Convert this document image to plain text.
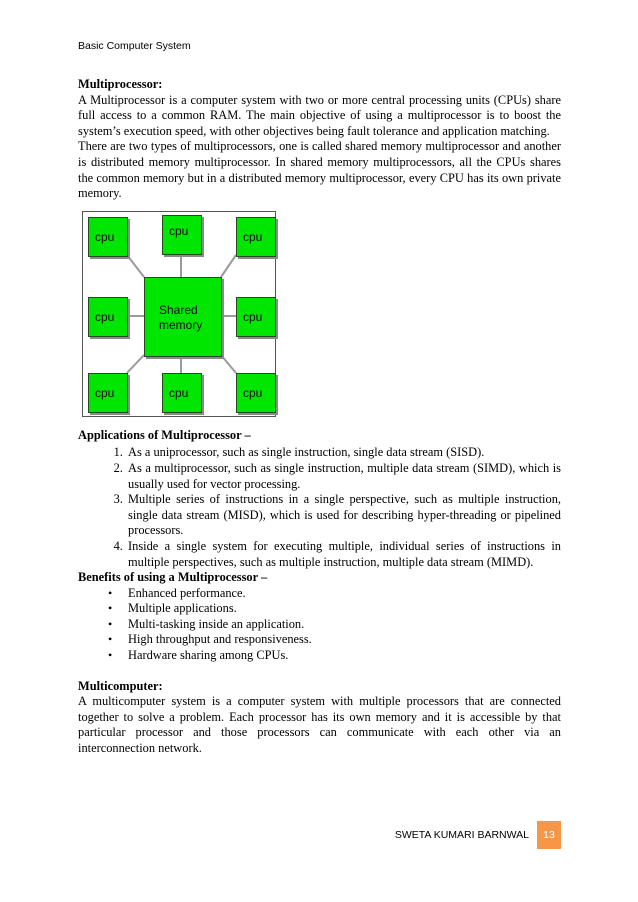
Basic Computer System

Multiprocessor:

A Multiprocessor is a computer system with two or more central processing units (CPUs) share full access to a common RAM. The main objective of using a multiprocessor is to boost the system’s execution speed, with other objectives being fault tolerance and application matching.

There are two types of multiprocessors, one is called shared memory multiprocessor and another is distributed memory multiprocessor. In shared memory multiprocessors, all the CPUs shares the common memory but in a distributed memory multiprocessor, every CPU has its own private memory.

cpu	cpu	cpu
cpu	Shared
memory
cpu
cpu	cpu	cpu

Applications of Multiprocessor –

1. As a uniprocessor, such as single instruction, single data stream (SISD).
2. As a multiprocessor, such as single instruction, multiple data stream (SIMD), which is usually used for vector processing.
3. Multiple series of instructions in a single perspective, such as multiple instruction, single data stream (MISD), which is used for describing hyper-threading or pipelined processors.
4. Inside a single system for executing multiple, individual series of instructions in multiple perspectives, such as multiple instruction, multiple data stream (MIMD).

Benefits of using a Multiprocessor –

• Enhanced performance.
• Multiple applications.
• Multi-tasking inside an application.
• High throughput and responsiveness.
• Hardware sharing among CPUs.

Multicomputer:

A multicomputer system is a computer system with multiple processors that are connected together to solve a problem. Each processor has its own memory and it is accessible by that particular processor and those processors can communicate with each other via an interconnection network.

SWETA KUMARI BARNWAL	13
